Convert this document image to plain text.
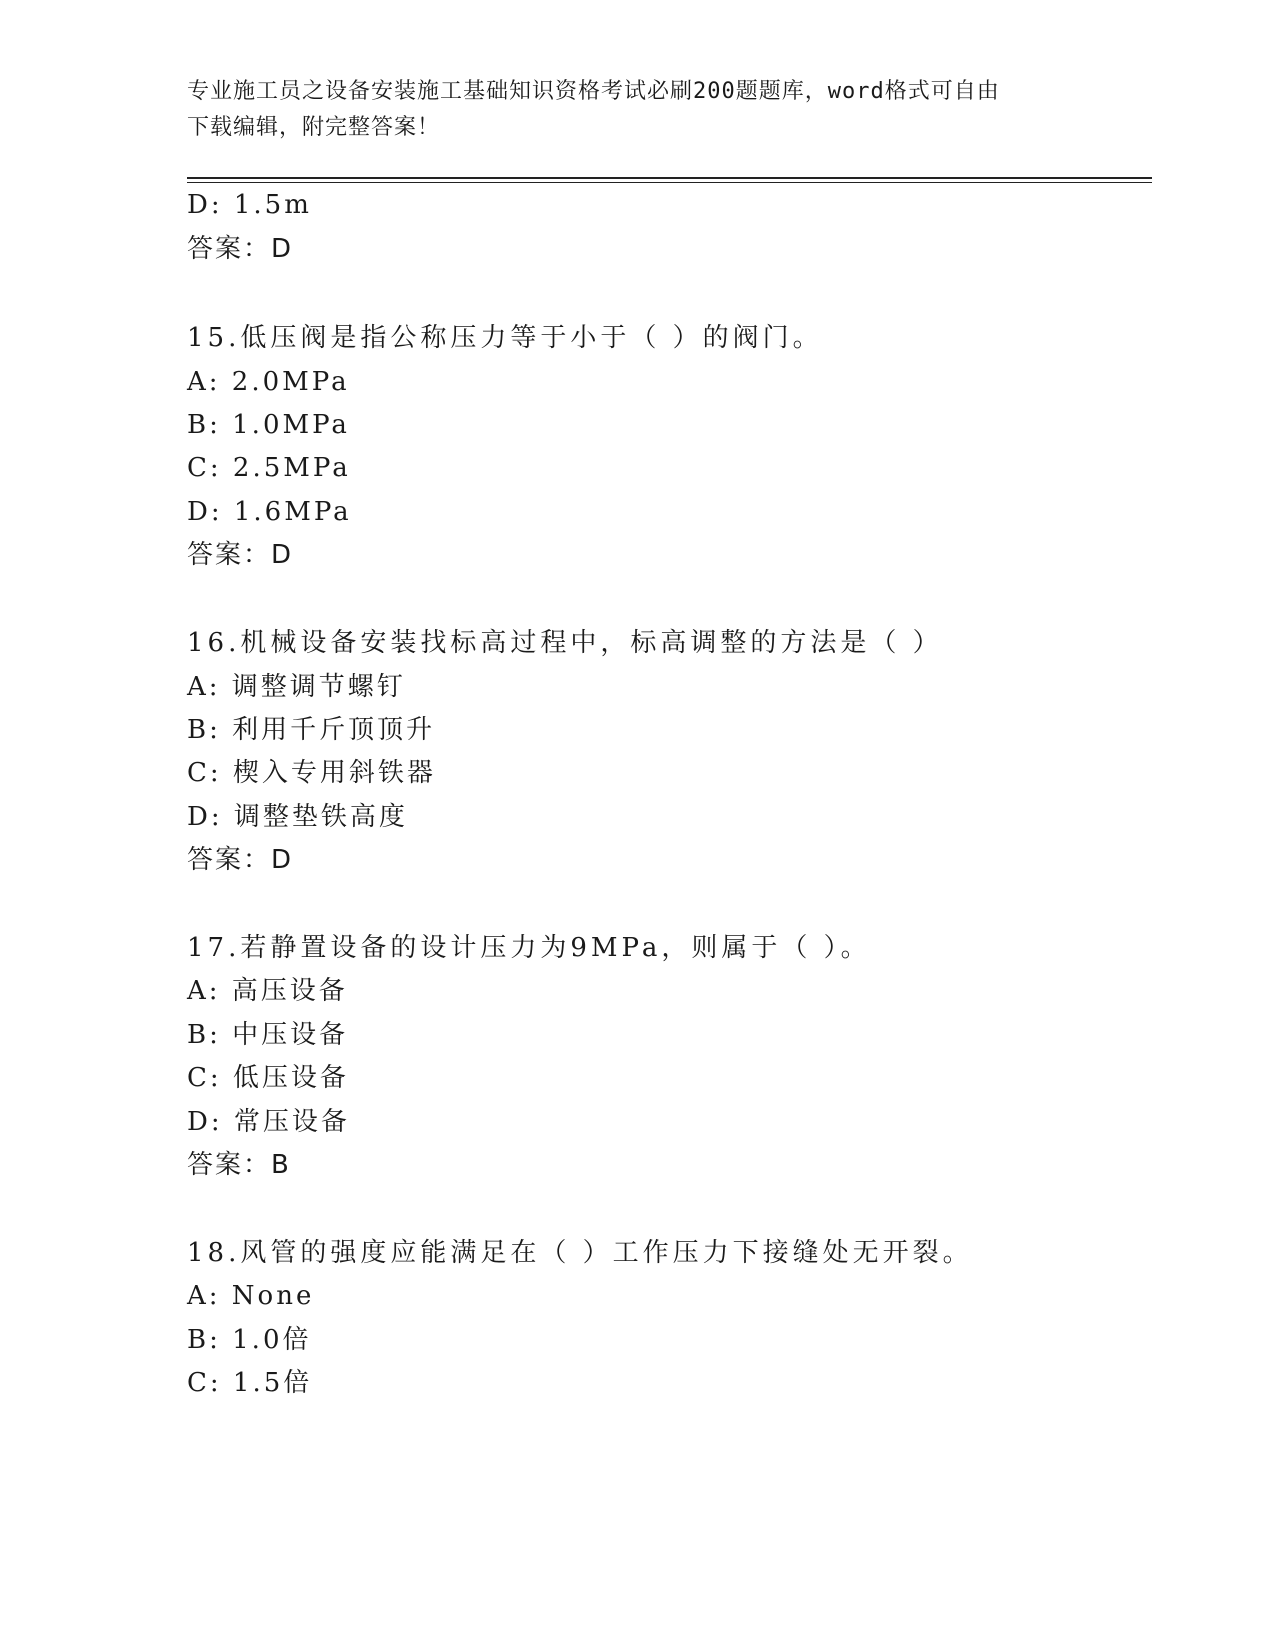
专业施工员之设备安装施工基础知识资格考试必刷200题题库，word格式可自由
下载编辑，附完整答案！
D: 1.5m
答案：D
15.低压阀是指公称压力等于小于（ ）的阀门。
A: 2.0MPa
B: 1.0MPa
C: 2.5MPa
D: 1.6MPa
答案：D
16.机械设备安装找标高过程中，标高调整的方法是（ ）
A: 调整调节螺钉
B: 利用千斤顶顶升
C: 楔入专用斜铁器
D: 调整垫铁高度
答案：D
17.若静置设备的设计压力为9MPa，则属于（ ）。
A: 高压设备
B: 中压设备
C: 低压设备
D: 常压设备
答案：B
18.风管的强度应能满足在（ ）工作压力下接缝处无开裂。
A: None
B: 1.0倍
C: 1.5倍
